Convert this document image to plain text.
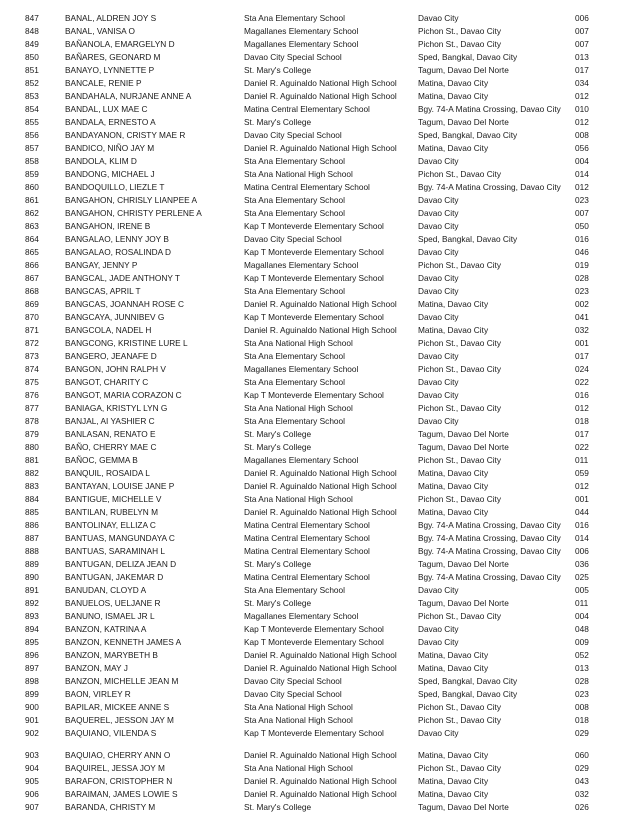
847	BANAL, ALDREN JOY S	Sta Ana Elementary School	Davao City	006
848	BANAL, VANISA O	Magallanes Elementary School	Pichon St., Davao City	007
849	BAÑANOLA, EMARGELYN D	Magallanes Elementary School	Pichon St., Davao City	007
850	BAÑARES, GEONARD M	Davao City Special School	Sped, Bangkal, Davao City	013
851	BANAYO, LYNNETTE P	St. Mary's College	Tagum, Davao Del Norte	017
852	BANCALE, RENIE P	Daniel R. Aguinaldo National High School	Matina, Davao City	034
853	BANDAHALA, NURJANE ANNE A	Daniel R. Aguinaldo National High School	Matina, Davao City	012
854	BANDAL, LUX MAE C	Matina Central Elementary School	Bgy. 74-A Matina Crossing, Davao City	010
855	BANDALA, ERNESTO A	St. Mary's College	Tagum, Davao Del Norte	012
856	BANDAYANON, CRISTY MAE R	Davao City Special School	Sped, Bangkal, Davao City	008
857	BANDICO, NIÑO JAY M	Daniel R. Aguinaldo National High School	Matina, Davao City	056
858	BANDOLA, KLIM D	Sta Ana Elementary School	Davao City	004
859	BANDONG, MICHAEL J	Sta Ana National High School	Pichon St., Davao City	014
860	BANDOQUILLO, LIEZLE T	Matina Central Elementary School	Bgy. 74-A Matina Crossing, Davao City	012
861	BANGAHON, CHRISLY LIANPEE A	Sta Ana Elementary School	Davao City	023
862	BANGAHON, CHRISTY PERLENE A	Sta Ana Elementary School	Davao City	007
863	BANGAHON, IRENE B	Kap T Monteverde Elementary School	Davao City	050
864	BANGALAO, LENNY JOY B	Davao City Special School	Sped, Bangkal, Davao City	016
865	BANGALAO, ROSALINDA D	Kap T Monteverde Elementary School	Davao City	046
866	BANGAY, JENNY P	Magallanes Elementary School	Pichon St., Davao City	019
867	BANGCAL, JADE ANTHONY T	Kap T Monteverde Elementary School	Davao City	028
868	BANGCAS, APRIL T	Sta Ana Elementary School	Davao City	023
869	BANGCAS, JOANNAH ROSE C	Daniel R. Aguinaldo National High School	Matina, Davao City	002
870	BANGCAYA, JUNNIBEV G	Kap T Monteverde Elementary School	Davao City	041
871	BANGCOLA, NADEL H	Daniel R. Aguinaldo National High School	Matina, Davao City	032
872	BANGCONG, KRISTINE LURE L	Sta Ana National High School	Pichon St., Davao City	001
873	BANGERO, JEANAFE D	Sta Ana Elementary School	Davao City	017
874	BANGON, JOHN RALPH V	Magallanes Elementary School	Pichon St., Davao City	024
875	BANGOT, CHARITY C	Sta Ana Elementary School	Davao City	022
876	BANGOT, MARIA CORAZON C	Kap T Monteverde Elementary School	Davao City	016
877	BANIAGA, KRISTYL LYN G	Sta Ana National High School	Pichon St., Davao City	012
878	BANJAL, AI YASHIER C	Sta Ana Elementary School	Davao City	018
879	BANLASAN, RENATO E	St. Mary's College	Tagum, Davao Del Norte	017
880	BAÑO, CHERRY MAE C	St. Mary's College	Tagum, Davao Del Norte	022
881	BAÑOC, GEMMA B	Magallanes Elementary School	Pichon St., Davao City	011
882	BANQUIL, ROSAIDA L	Daniel R. Aguinaldo National High School	Matina, Davao City	059
883	BANTAYAN, LOUISE JANE P	Daniel R. Aguinaldo National High School	Matina, Davao City	012
884	BANTIGUE, MICHELLE V	Sta Ana National High School	Pichon St., Davao City	001
885	BANTILAN, RUBELYN M	Daniel R. Aguinaldo National High School	Matina, Davao City	044
886	BANTOLINAY, ELLIZA C	Matina Central Elementary School	Bgy. 74-A Matina Crossing, Davao City	016
887	BANTUAS, MANGUNDAYA C	Matina Central Elementary School	Bgy. 74-A Matina Crossing, Davao City	014
888	BANTUAS, SARAMINAH L	Matina Central Elementary School	Bgy. 74-A Matina Crossing, Davao City	006
889	BANTUGAN, DELIZA JEAN D	St. Mary's College	Tagum, Davao Del Norte	036
890	BANTUGAN, JAKEMAR D	Matina Central Elementary School	Bgy. 74-A Matina Crossing, Davao City	025
891	BANUDAN, CLOYD A	Sta Ana Elementary School	Davao City	005
892	BANUELOS, UELJANE R	St. Mary's College	Tagum, Davao Del Norte	011
893	BANUNO, ISMAEL JR L	Magallanes Elementary School	Pichon St., Davao City	004
894	BANZON, KATRINA A	Kap T Monteverde Elementary School	Davao City	048
895	BANZON, KENNETH JAMES A	Kap T Monteverde Elementary School	Davao City	009
896	BANZON, MARYBETH B	Daniel R. Aguinaldo National High School	Matina, Davao City	052
897	BANZON, MAY J	Daniel R. Aguinaldo National High School	Matina, Davao City	013
898	BANZON, MICHELLE JEAN M	Davao City Special School	Sped, Bangkal, Davao City	028
899	BAON, VIRLEY R	Davao City Special School	Sped, Bangkal, Davao City	023
900	BAPILAR, MICKEE ANNE S	Sta Ana National High School	Pichon St., Davao City	008
901	BAQUEREL, JESSON JAY M	Sta Ana National High School	Pichon St., Davao City	018
902	BAQUIANO, VILENDA S	Kap T Monteverde Elementary School	Davao City	029
903	BAQUIAO, CHERRY ANN O	Daniel R. Aguinaldo National High School	Matina, Davao City	060
904	BAQUIREL, JESSA JOY M	Sta Ana National High School	Pichon St., Davao City	029
905	BARAFON, CRISTOPHER N	Daniel R. Aguinaldo National High School	Matina, Davao City	043
906	BARAIMAN, JAMES LOWIE S	Daniel R. Aguinaldo National High School	Matina, Davao City	032
907	BARANDA, CHRISTY M	St. Mary's College	Tagum, Davao Del Norte	026
